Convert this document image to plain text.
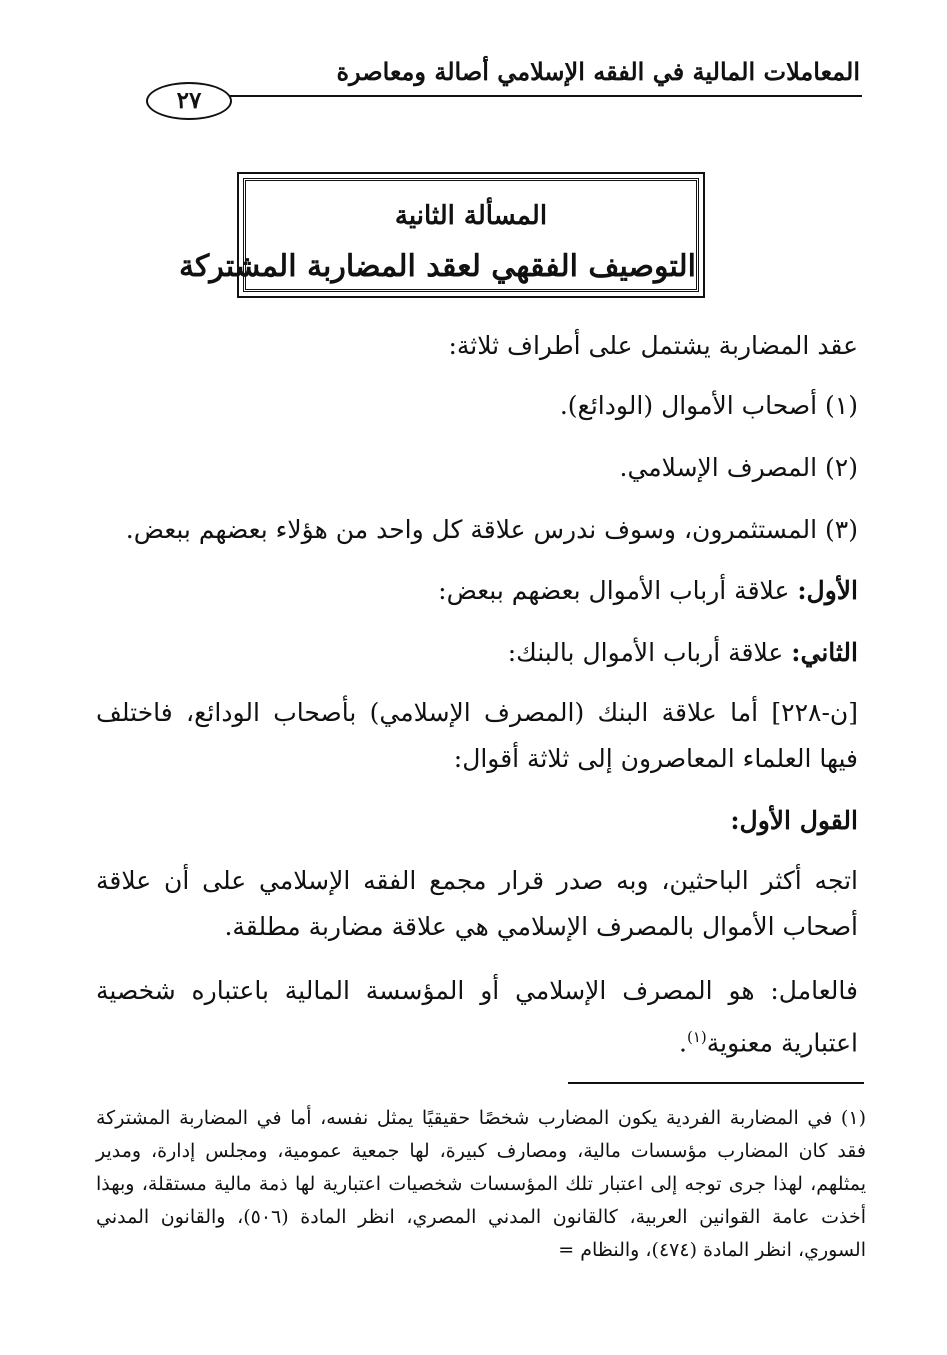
المعاملات المالية في الفقه الإسلامي أصالة ومعاصرة
٢٧
المسألة الثانية
التوصيف الفقهي لعقد المضاربة المشتركة
عقد المضاربة يشتمل على أطراف ثلاثة:
(١) أصحاب الأموال (الودائع).
(٢) المصرف الإسلامي.
(٣) المستثمرون، وسوف ندرس علاقة كل واحد من هؤلاء بعضهم ببعض.
الأول: علاقة أرباب الأموال بعضهم ببعض:
الثاني: علاقة أرباب الأموال بالبنك:
[ن-٢٢٨] أما علاقة البنك (المصرف الإسلامي) بأصحاب الودائع، فاختلف فيها العلماء المعاصرون إلى ثلاثة أقوال:
القول الأول:
اتجه أكثر الباحثين، وبه صدر قرار مجمع الفقه الإسلامي على أن علاقة أصحاب الأموال بالمصرف الإسلامي هي علاقة مضاربة مطلقة.
فالعامل: هو المصرف الإسلامي أو المؤسسة المالية باعتباره شخصية اعتبارية معنوية$^{(١)}$.
(١) في المضاربة الفردية يكون المضارب شخصًا حقيقيًا يمثل نفسه، أما في المضاربة المشتركة فقد كان المضارب مؤسسات مالية، ومصارف كبيرة، لها جمعية عمومية، ومجلس إدارة، ومدير يمثلهم، لهذا جرى توجه إلى اعتبار تلك المؤسسات شخصيات اعتبارية لها ذمة مالية مستقلة، وبهذا أخذت عامة القوانين العربية، كالقانون المدني المصري، انظر المادة (٥٠٦)، والقانون المدني السوري، انظر المادة (٤٧٤)، والنظام =
